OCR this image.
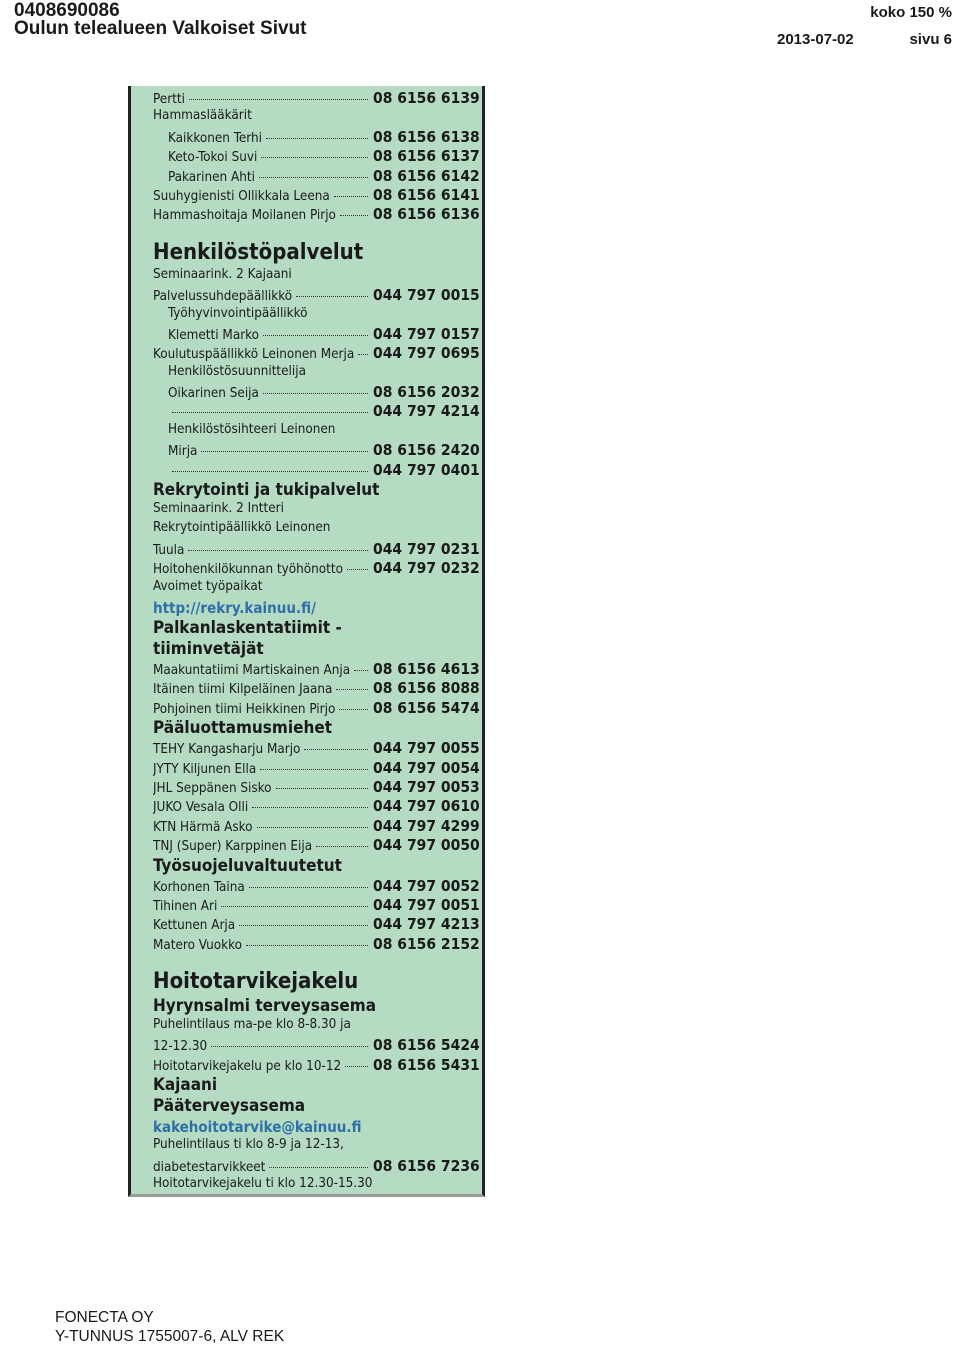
0408690086
Oulun telealueen Valkoiset Sivut
koko 150 %
2013-07-02	sivu 6
Pertti	08 6156 6139
Hammaslääkärit
Kaikkonen Terhi	08 6156 6138
Keto-Tokoi Suvi	08 6156 6137
Pakarinen Ahti	08 6156 6142
Suuhygienisti Ollikkala Leena	08 6156 6141
Hammashoitaja Moilanen Pirjo 08 6156 6136
Henkilöstöpalvelut
Seminaarink. 2 Kajaani
Palvelussuhdepäällikkö	044 797 0015
Työhyvinvointipäällikkö
Klemetti Marko	044 797 0157
Koulutuspäällikkö Leinonen Merja 044 797 0695
Henkilöstösuunnittelija
Oikarinen Seija	08 6156 2032
044 797 4214
Henkilöstösihteeri Leinonen
Mirja	08 6156 2420
044 797 0401
Rekrytointi ja tukipalvelut
Seminaarink. 2 Intteri
Rekrytointipäällikkö Leinonen
Tuula	044 797 0231
Hoitohenkilökunnan työhönotto 044 797 0232
Avoimet työpaikat
http://rekry.kainuu.fi/
Palkanlaskentatiimit -
tiiminvetäjät
Maakuntatiimi Martiskainen Anja 08 6156 4613
Itäinen tiimi Kilpeläinen Jaana	08 6156 8088
Pohjoinen tiimi Heikkinen Pirjo 08 6156 5474
Pääluottamusmiehet
TEHY Kangasharju Marjo	044 797 0055
JYTY Kiljunen Ella	044 797 0054
JHL Seppänen Sisko	044 797 0053
JUKO Vesala Olli	044 797 0610
KTN Härmä Asko	044 797 4299
TNJ (Super) Karppinen Eija	044 797 0050
Työsuojeluvaltuutetut
Korhonen Taina	044 797 0052
Tihinen Ari	044 797 0051
Kettunen Arja	044 797 4213
Matero Vuokko	08 6156 2152
Hoitotarvikejakelu
Hyrynsalmi terveysasema
Puhelintilaus ma-pe klo 8-8.30 ja
12-12.30	08 6156 5424
Hoitotarvikejakelu pe klo 10-12 08 6156 5431
Kajaani
Pääterveysasema
kakehoitotarvike@kainuu.fi
Puhelintilaus ti klo 8-9 ja 12-13,
diabetestarvikkeet	08 6156 7236
Hoitotarvikejakelu ti klo 12.30-15.30
FONECTA OY
Y-TUNNUS 1755007-6, ALV REK
